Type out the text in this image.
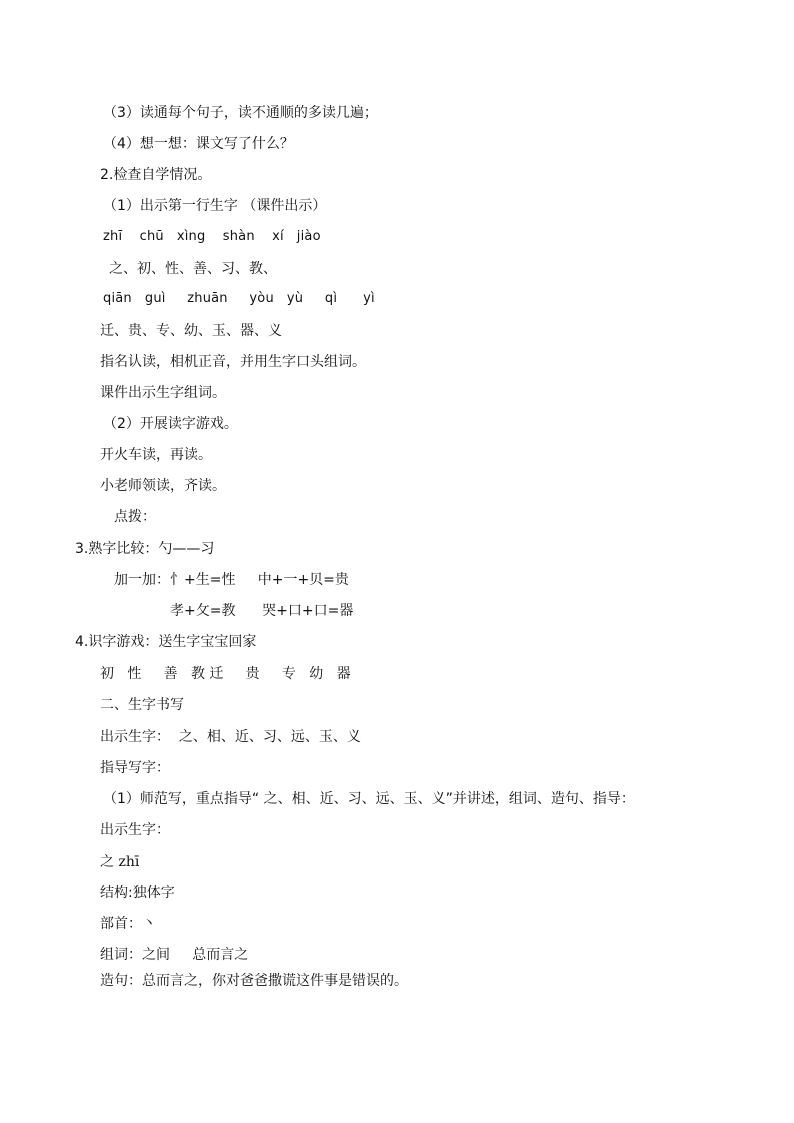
（3）读通每个句子，读不通顺的多读几遍；
（4）想一想：课文写了什么？
2.检查自学情况。
（1）出示第一行生字 （课件出示）
zhī    chū   xìng    shàn    xí   jiào
之、初、性、善、习、教、
qiān   guì     zhuān     yòu   yù     qì      yì
迁、贵、专、幼、玉、器、义
指名认读，相机正音，并用生字口头组词。
课件出示生字组词。
（2）开展读字游戏。
开火车读，再读。
小老师领读，齐读。
点拨：
3.熟字比较：勺——习
加一加：忄+生=性     中+一+贝=贵
孝+攵=教      哭+口+口=器
4.识字游戏：送生字宝宝回家
初   性     善   教 迁     贵     专   幼   器
二、生字书写
出示生字：  之、相、近、习、远、玉、义
指导写字：
（1）师范写，重点指导“ 之、相、近、习、远、玉、义”并讲述，组词、造句、指导：
出示生字：
之 zhī
结构:独体字
部首：丶
组词：之间     总而言之
造句：总而言之，你对爸爸撒谎这件事是错误的。
